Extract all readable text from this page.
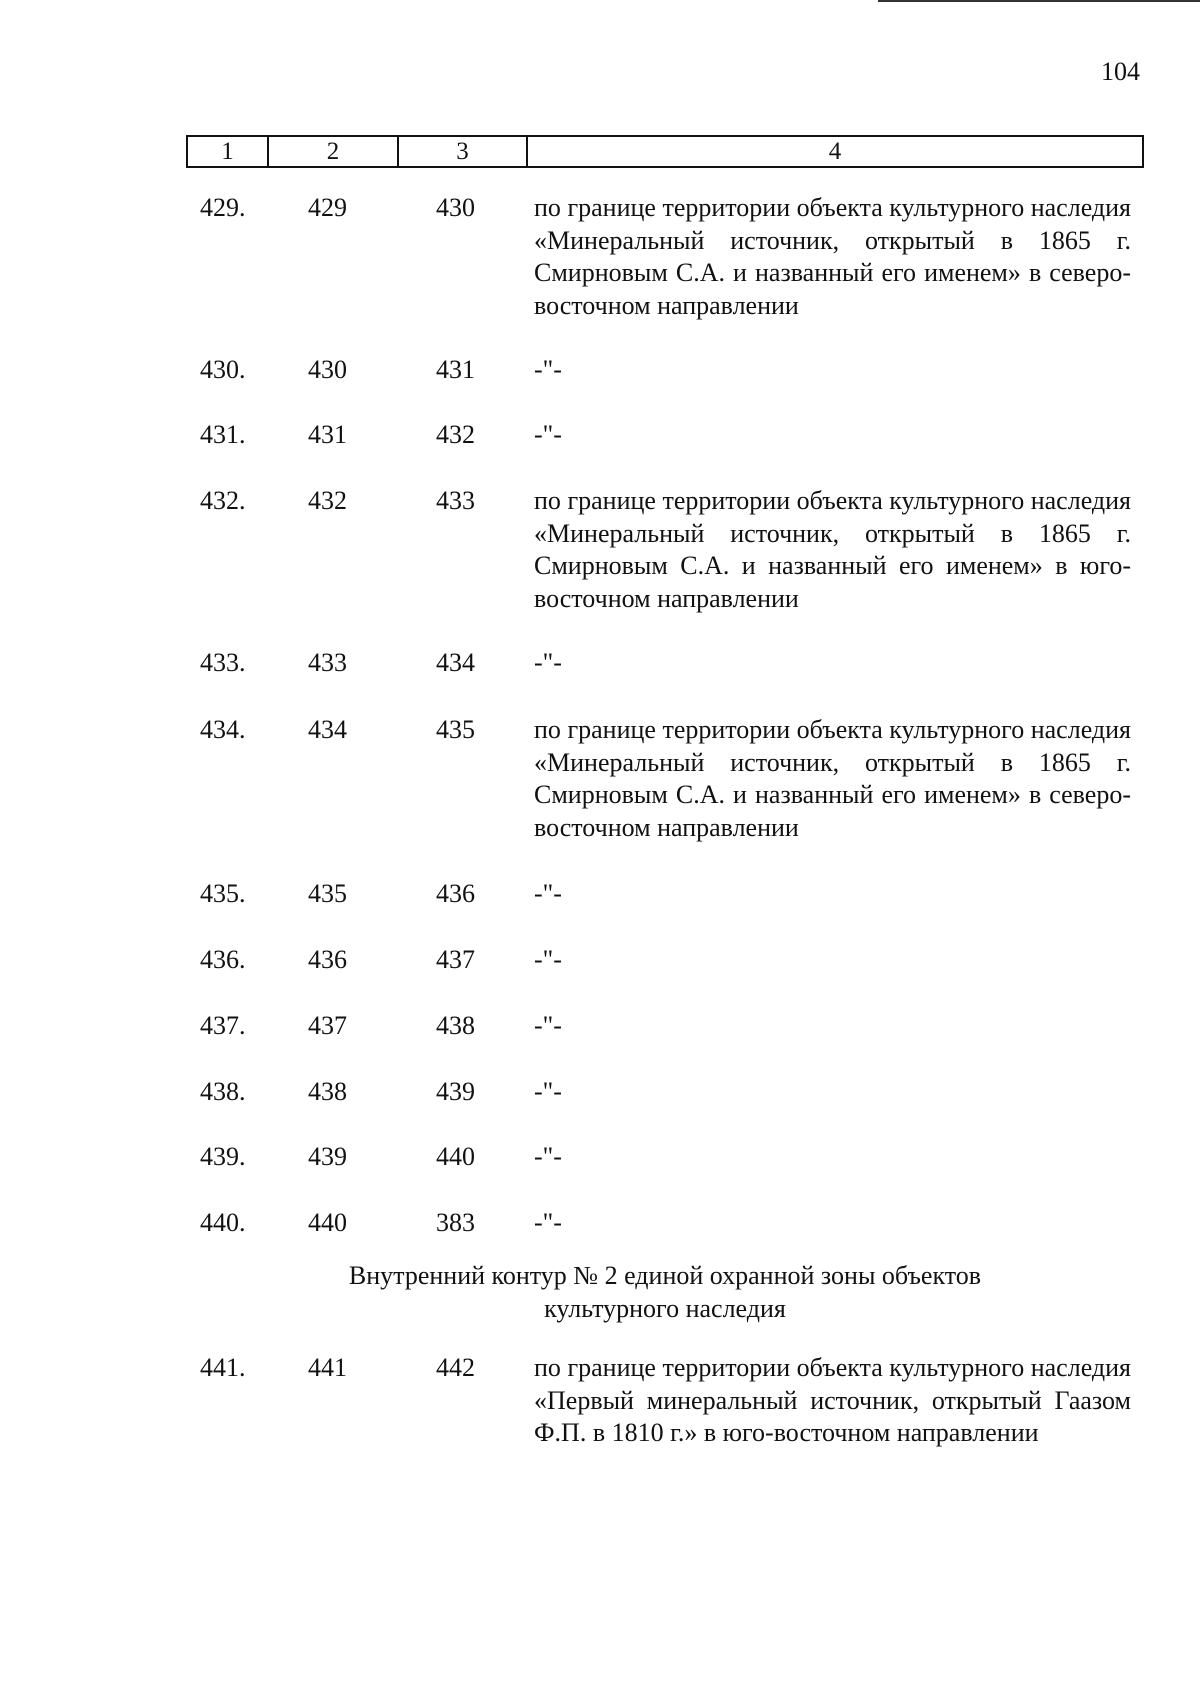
104
1	2	3	4
429. 429	430 по границе территории объекта культурного наследия «Минеральный источник, открытый в 1865 г. Смирновым С.А. и названный его именем» в северо-восточном направлении
430. 430	431 -"-
431. 431	432 -"-
432. 432	433 по границе территории объекта культурного наследия «Минеральный источник, открытый в 1865 г. Смирновым С.А. и названный его именем» в юго-восточном направлении
433. 433	434 -"-
434. 434	435 по границе территории объекта культурного наследия «Минеральный источник, открытый в 1865 г. Смирновым С.А. и названный его именем» в северо-восточном направлении
435. 435	436 -"-
436. 436	437 -"-
437. 437	438 -"-
438. 438	439 -"-
439. 439	440 -"-
440. 440	383 -"-
Внутренний контур № 2 единой охранной зоны объектов
культурного наследия
441. 441	442 по границе территории объекта культурного наследия «Первый минеральный источник, открытый Гаазом Ф.П. в 1810 г.» в юго-восточном направлении
